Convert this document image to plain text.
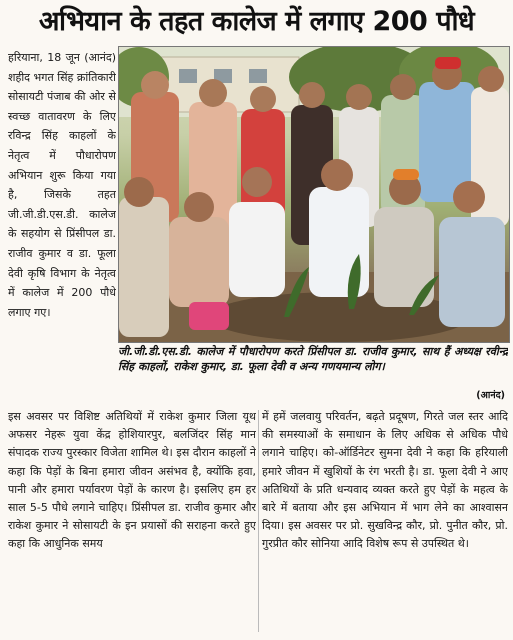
अभियान के तहत कालेज में लगाए 200 पौधे

हरियाना, 18 जून (आनंद) शहीद भगत सिंह क्रांतिकारी सोसायटी पंजाब की ओर से स्वच्छ वातावरण के लिए रविन्द्र सिंह काहलों के नेतृत्व में पौधारोपण अभियान शुरू किया गया है, जिसके तहत जी.जी.डी.एस.डी. कालेज के सहयोग से प्रिंसीपल डा. राजीव कुमार व डा. फूला देवी कृषि विभाग के नेतृत्व में कालेज में 200 पौधे लगाए गए।

जी.जी.डी.एस.डी. कालेज में पौधारोपण करते प्रिंसीपल डा. राजीव कुमार, साथ हैं अध्यक्ष रवीन्द्र सिंह काहलों, राकेश कुमार, डा. फूला देवी व अन्य गणयमान्य लोग।
(आनंद)

इस अवसर पर विशिष्ट अतिथियों में राकेश कुमार जिला यूथ अफसर नेहरू युवा केंद्र होशियारपुर, बलजिंदर सिंह मान संपादक राज्य पुरस्कार विजेता शामिल थे। इस दौरान काहलों ने कहा कि पेड़ों के बिना हमारा जीवन असंभव है, क्योंकि हवा, पानी और हमारा पर्यावरण पेड़ों के कारण है। इसलिए हम हर साल 5-5 पौधे लगाने चाहिए। प्रिंसीपल डा. राजीव कुमार और राकेश कुमार ने सोसायटी के इन प्रयासों की सराहना करते हुए कहा कि आधुनिक समय

में हमें जलवायु परिवर्तन, बढ़ते प्रदूषण, गिरते जल स्तर आदि की समस्याओं के समाधान के लिए अधिक से अधिक पौधे लगाने चाहिए। को-ऑर्डिनेटर सुमना देवी ने कहा कि हरियाली हमारे जीवन में खुशियों के रंग भरती है। डा. फूला देवी ने आए अतिथियों के प्रति धन्यवाद व्यक्त करते हुए पेड़ों के महत्व के बारे में बताया और इस अभियान में भाग लेने का आश्वासन दिया। इस अवसर पर प्रो. सुखविन्द्र कौर, प्रो. पुनीत कौर, प्रो. गुरप्रीत कौर सोनिया आदि विशेष रूप से उपस्थित थे।
